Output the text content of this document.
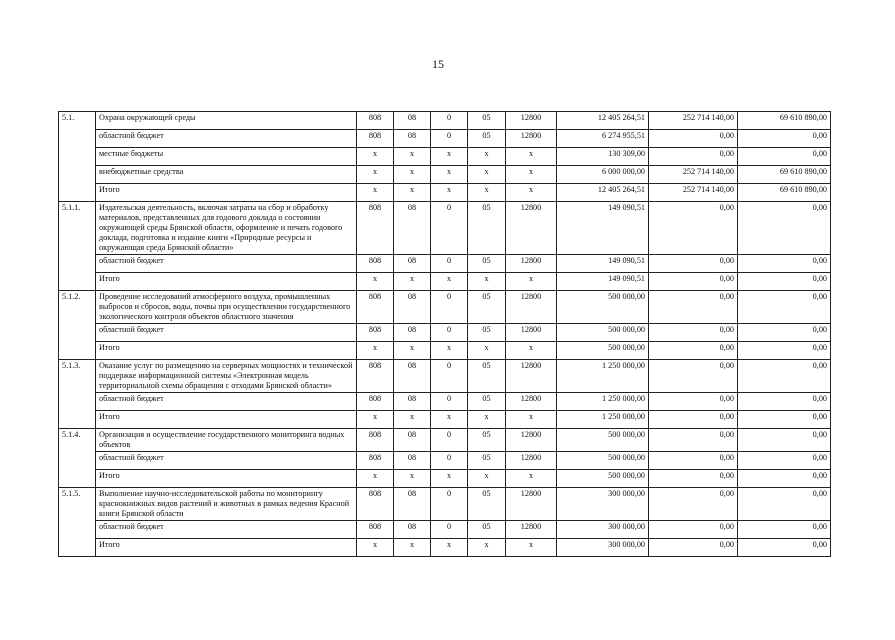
15
5.1.	Охрана окружающей среды	808	08	0	05	12800	12 405 264,51	252 714 140,00	69 610 890,00
	областной бюджет	808	08	0	05	12800	6 274 955,51	0,00	0,00
	местные бюджеты	x	x	x	x	x	130 309,00	0,00	0,00
	внебюджетные средства	x	x	x	x	x	6 000 000,00	252 714 140,00	69 610 890,00
	Итого	x	x	x	x	x	12 405 264,51	252 714 140,00	69 610 890,00
5.1.1.	Издательская деятельность, включая затраты на сбор и обработку материалов, представленных для годового доклада о состоянии окружающей среды Брянской области, оформление и печать годового доклада, подготовка и издание книги «Природные ресурсы и окружающая среда Брянской области»	808	08	0	05	12800	149 090,51	0,00	0,00
	областной бюджет	808	08	0	05	12800	149 090,51	0,00	0,00
	Итого	x	x	x	x	x	149 090,51	0,00	0,00
5.1.2.	Проведение исследований атмосферного воздуха, промышленных выбросов и сбросов, воды, почвы при осуществлении государственного экологического контроля объектов областного значения	808	08	0	05	12800	500 000,00	0,00	0,00
	областной бюджет	808	08	0	05	12800	500 000,00	0,00	0,00
	Итого	x	x	x	x	x	500 000,00	0,00	0,00
5.1.3.	Оказание услуг по размещению на серверных мощностях и технической поддержке информационной системы «Электронная модель территориальной схемы обращения с отходами Брянской области»	808	08	0	05	12800	1 250 000,00	0,00	0,00
	областной бюджет	808	08	0	05	12800	1 250 000,00	0,00	0,00
	Итого	x	x	x	x	x	1 250 000,00	0,00	0,00
5.1.4.	Организация и осуществление государственного мониторинга водных объектов	808	08	0	05	12800	500 000,00	0,00	0,00
	областной бюджет	808	08	0	05	12800	500 000,00	0,00	0,00
	Итого	x	x	x	x	x	500 000,00	0,00	0,00
5.1.5.	Выполнение научно-исследовательской работы по мониторингу краснокнижных видов растений и животных в рамках ведения Красной книги Брянской области	808	08	0	05	12800	300 000,00	0,00	0,00
	областной бюджет	808	08	0	05	12800	300 000,00	0,00	0,00
	Итого	x	x	x	x	x	300 000,00	0,00	0,00
